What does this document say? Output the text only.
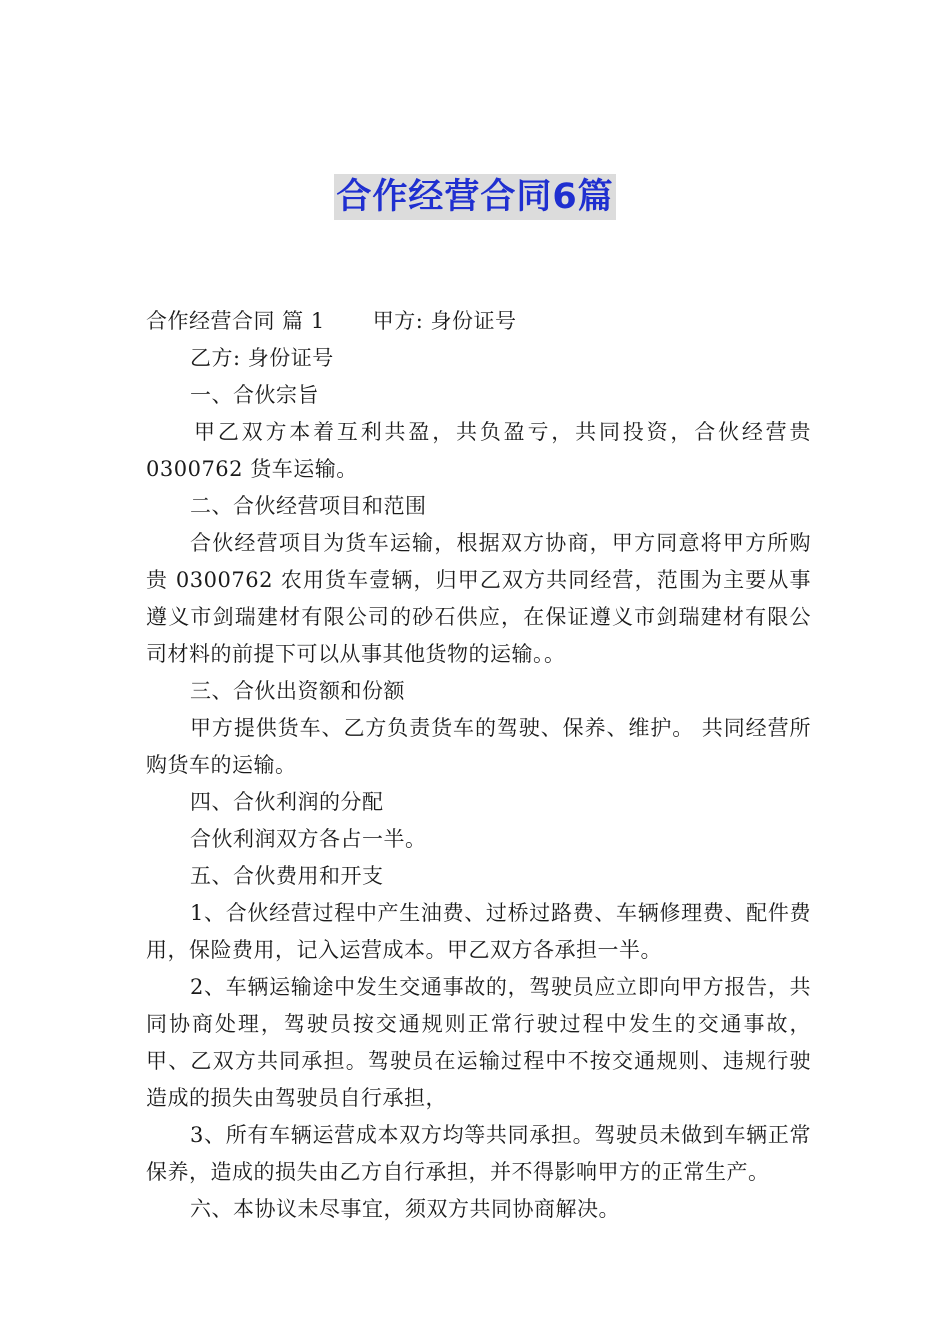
合作经营合同6篇

合作经营合同 篇 1 甲方: 身份证号

乙方: 身份证号

一、合伙宗旨

甲乙双方本着互利共盈，共负盈亏，共同投资，合伙经营贵0300762 货车运输。

二、合伙经营项目和范围

合伙经营项目为货车运输，根据双方协商，甲方同意将甲方所购贵 0300762 农用货车壹辆，归甲乙双方共同经营，范围为主要从事遵义市剑瑞建材有限公司的砂石供应，在保证遵义市剑瑞建材有限公司材料的前提下可以从事其他货物的运输。。

三、合伙出资额和份额

甲方提供货车、乙方负责货车的驾驶、保养、维护。 共同经营所购货车的运输。

四、合伙利润的分配

合伙利润双方各占一半。

五、合伙费用和开支

1、合伙经营过程中产生油费、过桥过路费、车辆修理费、配件费用，保险费用，记入运营成本。甲乙双方各承担一半。

2、车辆运输途中发生交通事故的，驾驶员应立即向甲方报告，共同协商处理，驾驶员按交通规则正常行驶过程中发生的交通事故，甲、乙双方共同承担。驾驶员在运输过程中不按交通规则、违规行驶造成的损失由驾驶员自行承担，

3、所有车辆运营成本双方均等共同承担。驾驶员未做到车辆正常保养，造成的损失由乙方自行承担，并不得影响甲方的正常生产。

六、本协议未尽事宜，须双方共同协商解决。
